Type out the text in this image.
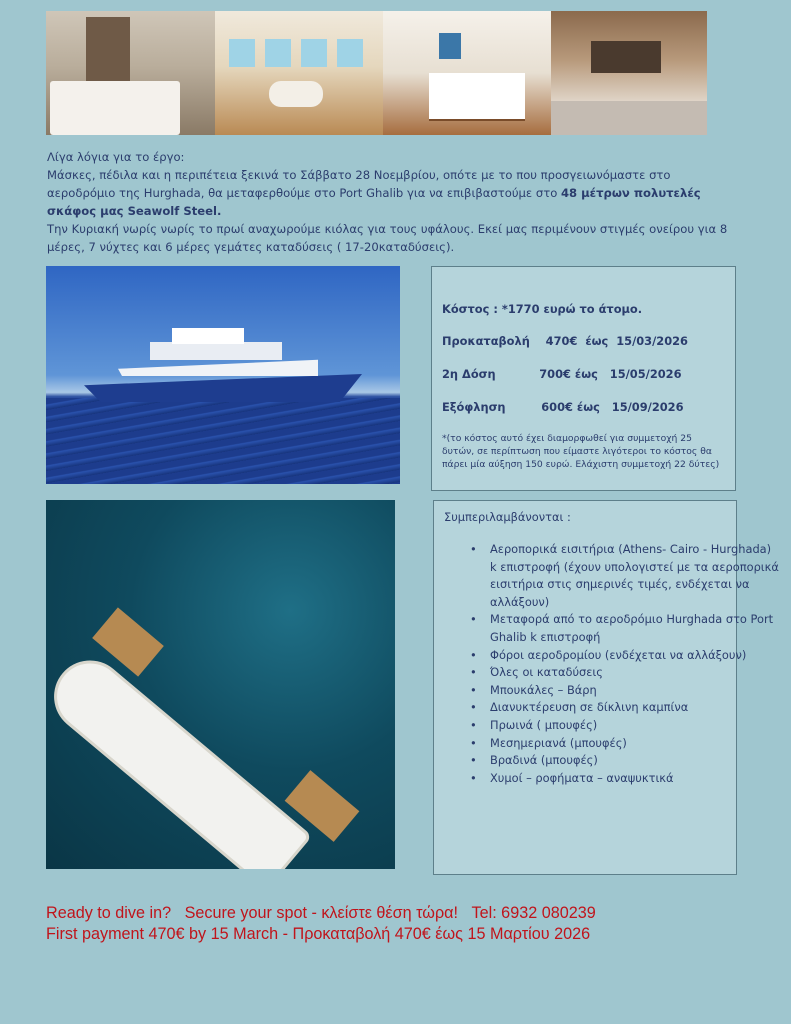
Λίγα λόγια για το έργο:

Μάσκες, πέδιλα και η περιπέτεια ξεκινά το Σάββατο 28 Νοεμβρίου, οπότε με το που προσγειωνόμαστε στο αεροδρόμιο της Hurghada, θα μεταφερθούμε στο Port Ghalib για να επιβιβαστούμε στο 48 μέτρων πολυτελές σκάφος μας Seawolf Steel.

Την Κυριακή νωρίς νωρίς το πρωί αναχωρούμε κιόλας για τους υφάλους. Εκεί μας περιμένουν στιγμές ονείρου για 8 μέρες, 7 νύχτες και 6 μέρες γεμάτες καταδύσεις ( 17-20καταδύσεις).

Κόστος : *1770 ευρώ το άτομο.
Προκαταβολή    470€  έως  15/03/2026
2η Δόση           700€ έως   15/05/2026
Εξόφληση         600€ έως   15/09/2026
*(το κόστος αυτό έχει διαμορφωθεί για συμμετοχή 25 δυτών, σε περίπτωση που είμαστε λιγότεροι το κόστος θα πάρει μία αύξηση 150 ευρώ. Ελάχιστη συμμετοχή 22 δύτες)
Συμπεριλαμβάνονται :
• Αεροπορικά εισιτήρια (Athens- Cairo - Hurghada) k επιστροφή (έχουν υπολογιστεί με τα αεροπορικά εισιτήρια στις σημερινές τιμές, ενδέχεται να αλλάξουν)
• Μεταφορά από το αεροδρόμιο Hurghada στο Port Ghalib k επιστροφή
• Φόροι αεροδρομίου (ενδέχεται να αλλάξουν)
• Όλες οι καταδύσεις
• Μπουκάλες – Βάρη
• Διανυκτέρευση σε δίκλινη καμπίνα
• Πρωινά ( μπουφές)
• Μεσημεριανά (μπουφές)
• Βραδινά (μπουφές)
• Χυμοί – ροφήματα – αναψυκτικά

Ready to dive in?   Secure your spot - κλείστε θέση τώρα!   Tel: 6932 080239

First payment 470€ by 15 March - Προκαταβολή 470€ έως 15 Μαρτίου 2026
